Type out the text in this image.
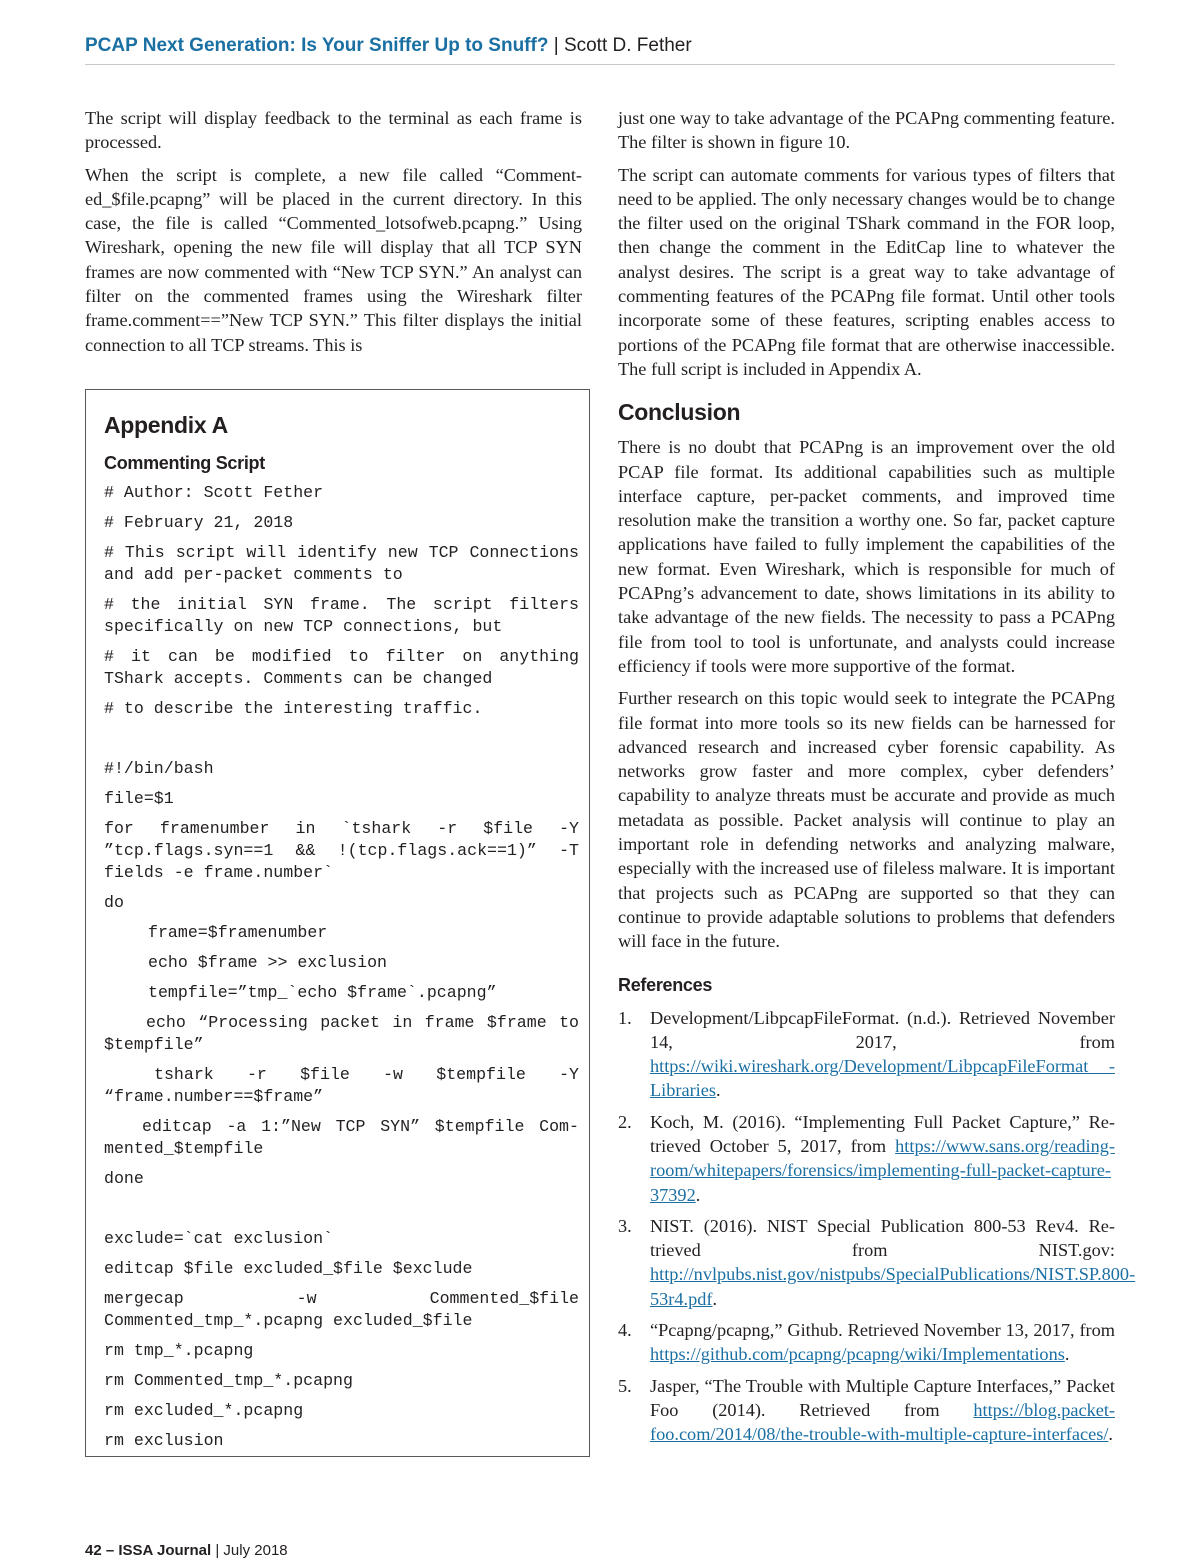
PCAP Next Generation: Is Your Sniffer Up to Snuff? | Scott D. Fether

The script will display feedback to the terminal as each frame is processed.

When the script is complete, a new file called “Commented_$file.pcapng” will be placed in the current directory. In this case, the file is called “Commented_lotsofweb.pcapng.” Using Wireshark, opening the new file will display that all TCP SYN frames are now commented with “New TCP SYN.” An analyst can filter on the commented frames using the Wireshark filter frame.comment==”New TCP SYN.” This filter displays the initial connection to all TCP streams. This is

Appendix A
Commenting Script
# Author: Scott Fether
# February 21, 2018
# This script will identify new TCP Connections and add per-packet comments to
# the initial SYN frame. The script filters specifically on new TCP connections, but
# it can be modified to filter on anything TShark accepts. Comments can be changed
# to describe the interesting traffic.
#!/bin/bash
file=$1
for framenumber in `tshark -r $file -Y ”tcp.flags.syn==1 && !(tcp.flags.ack==1)” -T fields -e frame.number`
do
frame=$framenumber
echo $frame >> exclusion
tempfile=”tmp_`echo $frame`.pcapng”
echo “Processing packet in frame $frame to $tempfile”
tshark -r $file -w $tempfile -Y “frame.number==$frame”
editcap -a 1:”New TCP SYN” $tempfile Commented_$tempfile
done
exclude=`cat exclusion`
editcap $file excluded_$file $exclude
mergecap -w Commented_$file Commented_tmp_*.pcapng excluded_$file
rm tmp_*.pcapng
rm Commented_tmp_*.pcapng
rm excluded_*.pcapng
rm exclusion

just one way to take advantage of the PCAPng commenting feature. The filter is shown in figure 10.

The script can automate comments for various types of filters that need to be applied. The only necessary changes would be to change the filter used on the original TShark command in the FOR loop, then change the comment in the EditCap line to whatever the analyst desires. The script is a great way to take advantage of commenting features of the PCAPng file format. Until other tools incorporate some of these features, scripting enables access to portions of the PCAPng file format that are otherwise inaccessible. The full script is included in Appendix A.

Conclusion

There is no doubt that PCAPng is an improvement over the old PCAP file format. Its additional capabilities such as multiple interface capture, per-packet comments, and improved time resolution make the transition a worthy one. So far, packet capture applications have failed to fully implement the capabilities of the new format. Even Wireshark, which is responsible for much of PCAPng’s advancement to date, shows limitations in its ability to take advantage of the new fields. The necessity to pass a PCAPng file from tool to tool is unfortunate, and analysts could increase efficiency if tools were more supportive of the format.

Further research on this topic would seek to integrate the PCAPng file format into more tools so its new fields can be harnessed for advanced research and increased cyber forensic capability. As networks grow faster and more complex, cyber defenders’ capability to analyze threats must be accurate and provide as much metadata as possible. Packet analysis will continue to play an important role in defending networks and analyzing malware, especially with the increased use of fileless malware. It is important that projects such as PCAPng are supported so that they can continue to provide adaptable solutions to problems that defenders will face in the future.

References
1. Development/LibpcapFileFormat. (n.d.). Retrieved November 14, 2017, from https://wiki.wireshark.org/Development/LibpcapFileFormat - Libraries.
2. Koch, M. (2016). “Implementing Full Packet Capture,” Retrieved October 5, 2017, from https://www.sans.org/reading-room/whitepapers/forensics/implementing-full-packet-capture-37392.
3. NIST. (2016). NIST Special Publication 800-53 Rev4. Retrieved from NIST.gov: http://nvlpubs.nist.gov/nistpubs/SpecialPublications/NIST.SP.800-53r4.pdf.
4. “Pcapng/pcapng,” Github. Retrieved November 13, 2017, from https://github.com/pcapng/pcapng/wiki/Implementations.
5. Jasper, “The Trouble with Multiple Capture Interfaces,” Packet Foo (2014). Retrieved from https://blog.packet-foo.com/2014/08/the-trouble-with-multiple-capture-interfaces/.
42 – ISSA Journal | July 2018
